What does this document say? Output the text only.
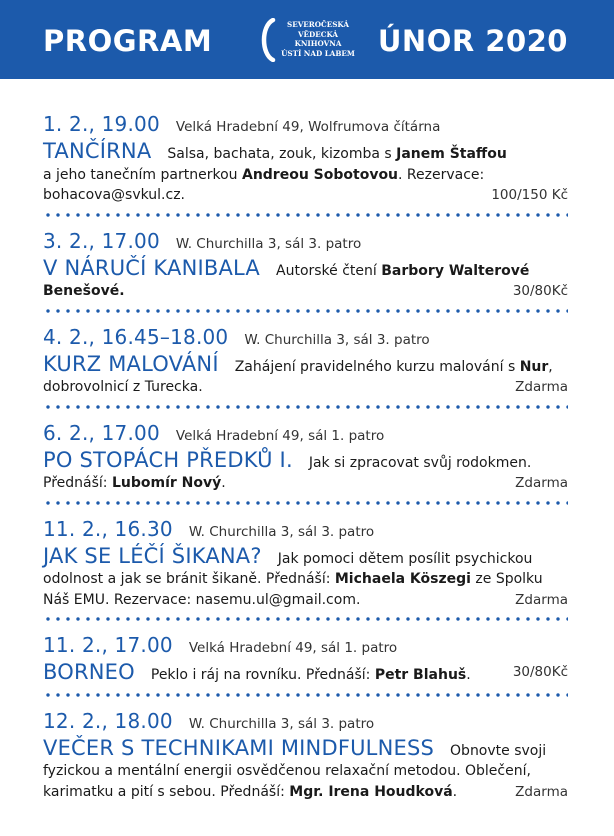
PROGRAM	SEVEROČESKÁ
VĚDECKÁ
KNIHOVNA
ÚSTÍ NAD LABEM ÚNOR 2020
1. 2., 19.00 Velká Hradební 49, Wolfrumova čítárna
TANČÍRNA Salsa, bachata, zouk, kizomba s Janem Štaffou
a jeho tanečním partnerkou Andreou Sobotovou. Rezervace:
bohacova@svkul.cz.	100/150 Kč
3. 2., 17.00 W. Churchilla 3, sál 3. patro
V NÁRUČÍ KANIBALA Autorské čtení Barbory Walterové
Benešové.	30/80Kč
4. 2., 16.45–18.00 W. Churchilla 3, sál 3. patro
KURZ MALOVÁNÍ Zahájení pravidelného kurzu malování s Nur,
dobrovolnicí z Turecka.	Zdarma
6. 2., 17.00 Velká Hradební 49, sál 1. patro
PO STOPÁCH PŘEDKŮ I. Jak si zpracovat svůj rodokmen.
Přednáší: Lubomír Nový.	Zdarma
11. 2., 16.30 W. Churchilla 3, sál 3. patro
JAK SE LÉČÍ ŠIKANA? Jak pomoci dětem posílit psychickou
odolnost a jak se bránit šikaně. Přednáší: Michaela Köszegi ze Spolku
Náš EMU. Rezervace: nasemu.ul@gmail.com.	Zdarma
11. 2., 17.00 Velká Hradební 49, sál 1. patro
BORNEO Peklo i ráj na rovníku. Přednáší: Petr Blahuš.	30/80Kč
12. 2., 18.00 W. Churchilla 3, sál 3. patro
VEČER S TECHNIKAMI MINDFULNESS Obnovte svoji
fyzickou a mentální energii osvědčenou relaxační metodou. Oblečení,
karimatku a pití s sebou. Přednáší: Mgr. Irena Houdková.	Zdarma
